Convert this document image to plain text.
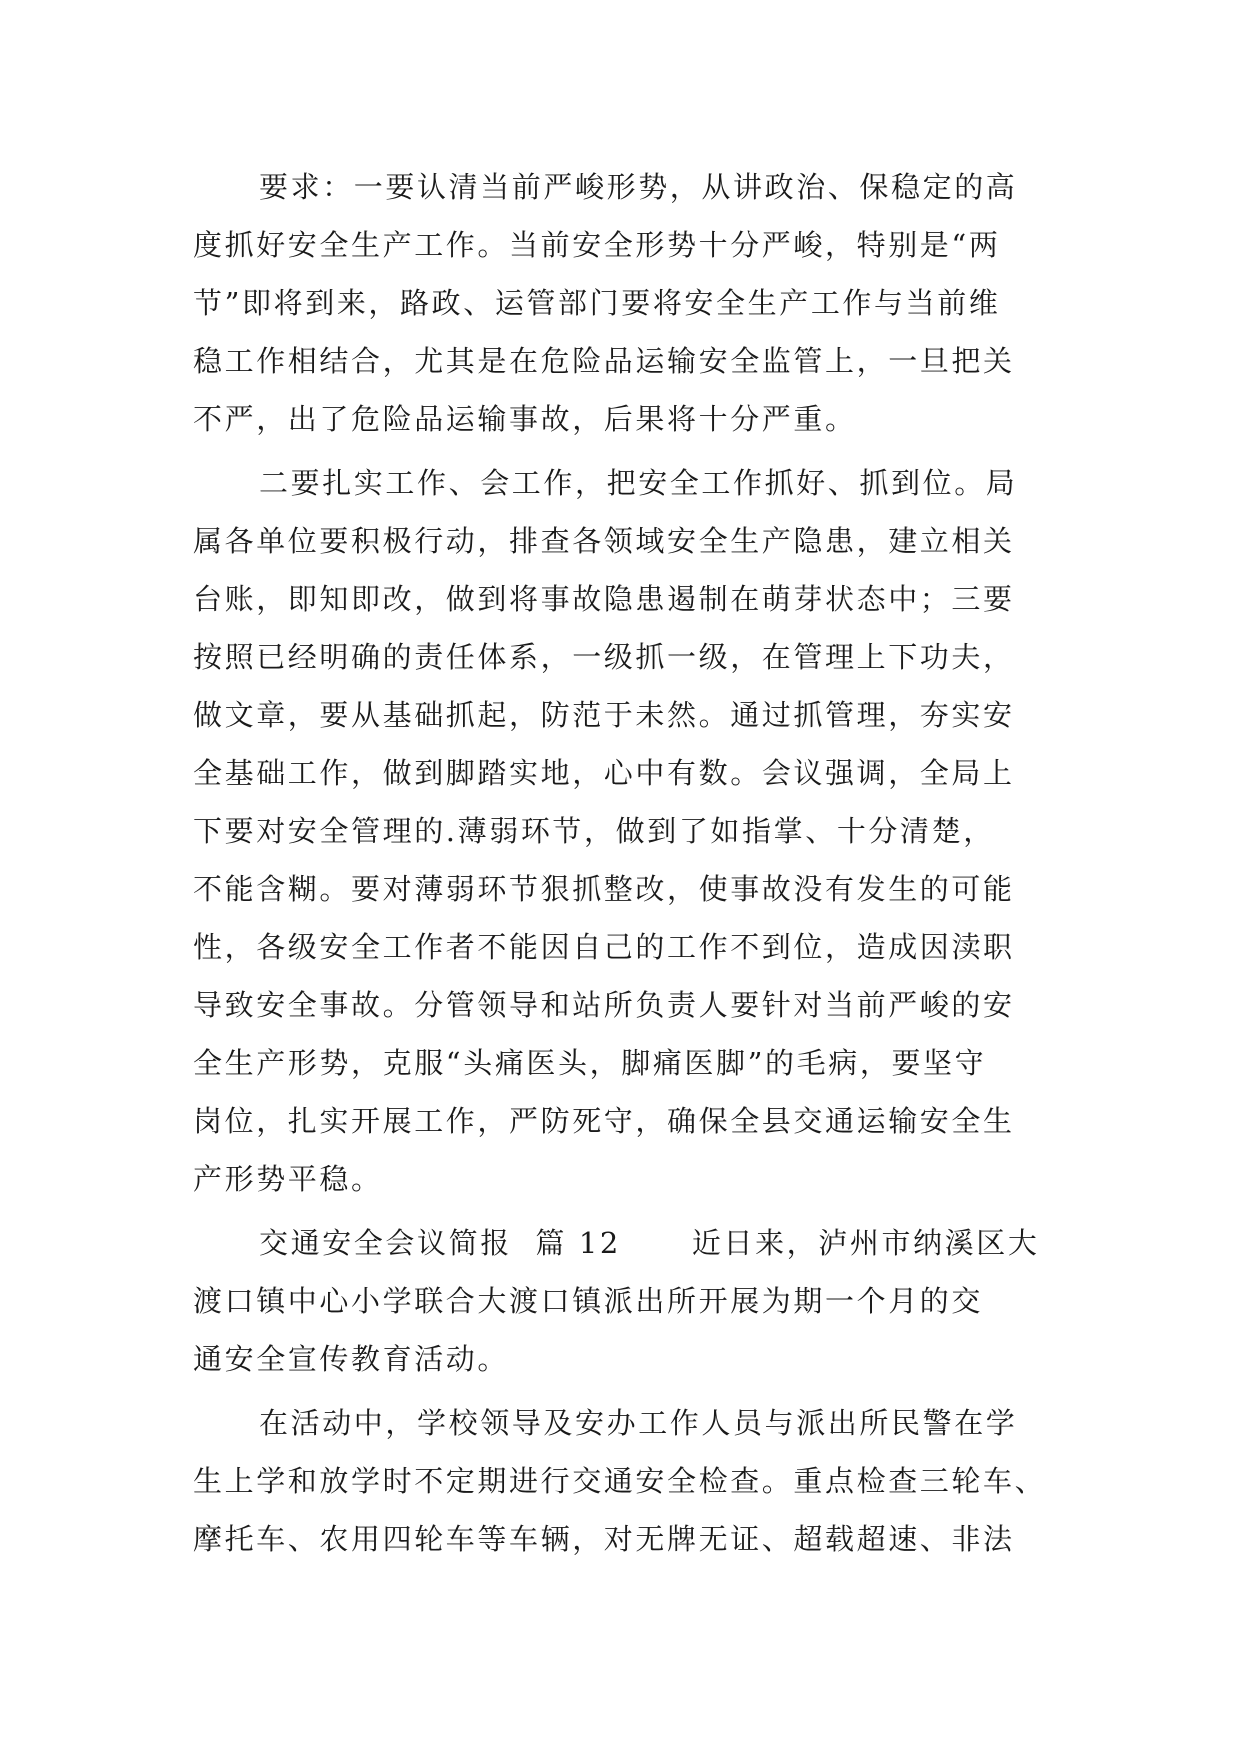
要求：一要认清当前严峻形势，从讲政治、保稳定的高
度抓好安全生产工作。当前安全形势十分严峻，特别是“两
节”即将到来，路政、运管部门要将安全生产工作与当前维
稳工作相结合，尤其是在危险品运输安全监管上，一旦把关
不严，出了危险品运输事故，后果将十分严重。
二要扎实工作、会工作，把安全工作抓好、抓到位。局
属各单位要积极行动，排查各领域安全生产隐患，建立相关
台账，即知即改，做到将事故隐患遏制在萌芽状态中；三要
按照已经明确的责任体系，一级抓一级，在管理上下功夫，
做文章，要从基础抓起，防范于未然。通过抓管理，夯实安
全基础工作，做到脚踏实地，心中有数。会议强调，全局上
下要对安全管理的.薄弱环节，做到了如指掌、十分清楚，
不能含糊。要对薄弱环节狠抓整改，使事故没有发生的可能
性，各级安全工作者不能因自己的工作不到位，造成因渎职
导致安全事故。分管领导和站所负责人要针对当前严峻的安
全生产形势，克服“头痛医头，脚痛医脚”的毛病，要坚守
岗位，扎实开展工作，严防死守，确保全县交通运输安全生
产形势平稳。
交通安全会议简报  篇 12      近日来，泸州市纳溪区大
渡口镇中心小学联合大渡口镇派出所开展为期一个月的交
通安全宣传教育活动。
在活动中，学校领导及安办工作人员与派出所民警在学
生上学和放学时不定期进行交通安全检查。重点检查三轮车、
摩托车、农用四轮车等车辆，对无牌无证、超载超速、非法
